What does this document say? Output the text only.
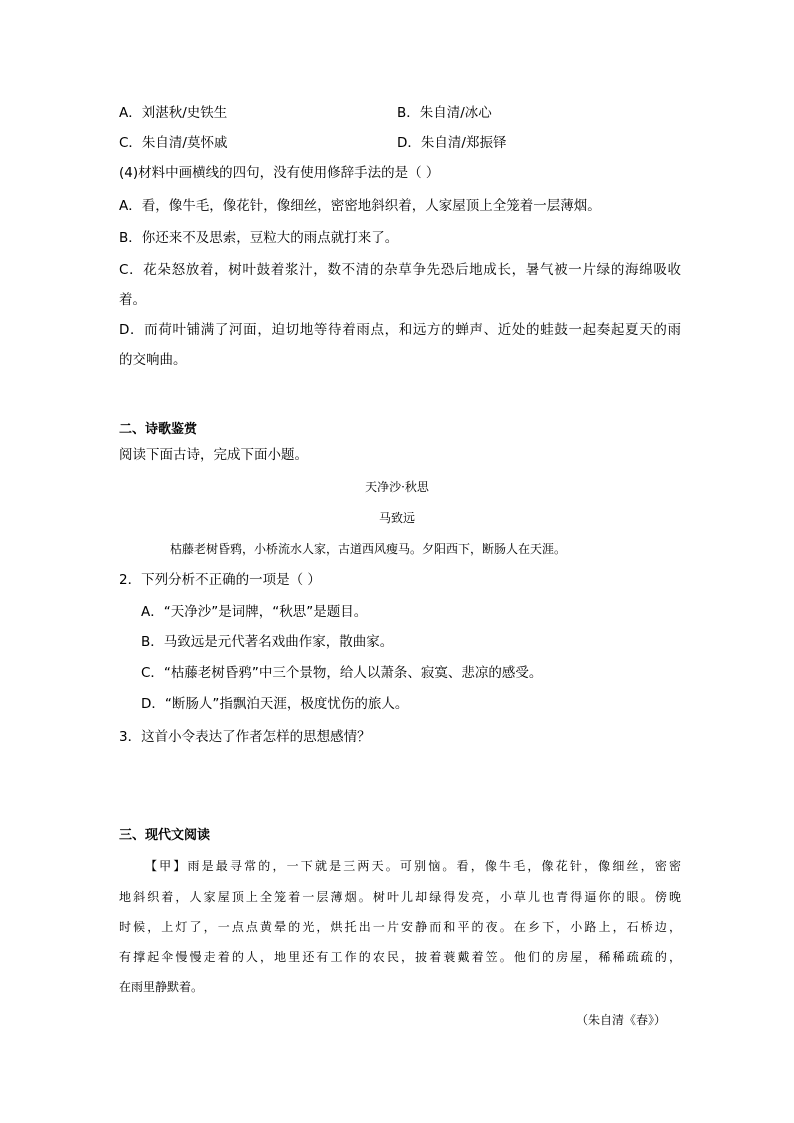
A．刘湛秋/史铁生	B．朱自清/冰心
C．朱自清/莫怀戚	D．朱自清/郑振铎
(4)材料中画横线的四句，没有使用修辞手法的是（ ）
A．看，像牛毛，像花针，像细丝，密密地斜织着，人家屋顶上全笼着一层薄烟。
B．你还来不及思索，豆粒大的雨点就打来了。
C．花朵怒放着，树叶鼓着浆汁，数不清的杂草争先恐后地成长，暑气被一片绿的海绵吸收
着。
D．而荷叶铺满了河面，迫切地等待着雨点，和远方的蝉声、近处的蛙鼓一起奏起夏天的雨
的交响曲。
二、诗歌鉴赏
阅读下面古诗，完成下面小题。
天净沙·秋思
马致远
枯藤老树昏鸦，小桥流水人家，古道西风瘦马。夕阳西下，断肠人在天涯。
2．下列分析不正确的一项是（ ）
A．“天净沙”是词牌，“秋思”是题目。
B．马致远是元代著名戏曲作家，散曲家。
C．“枯藤老树昏鸦”中三个景物，给人以萧条、寂寞、悲凉的感受。
D．“断肠人”指飘泊天涯，极度忧伤的旅人。
3．这首小令表达了作者怎样的思想感情？
三、现代文阅读
【甲】雨是最寻常的，一下就是三两天。可别恼。看，像牛毛，像花针，像细丝，密密
地斜织着，人家屋顶上全笼着一层薄烟。树叶儿却绿得发亮，小草儿也青得逼你的眼。傍晚
时候，上灯了，一点点黄晕的光，烘托出一片安静而和平的夜。在乡下，小路上，石桥边，
有撑起伞慢慢走着的人，地里还有工作的农民，披着蓑戴着笠。他们的房屋，稀稀疏疏的，
在雨里静默着。
（朱自清《春》）
